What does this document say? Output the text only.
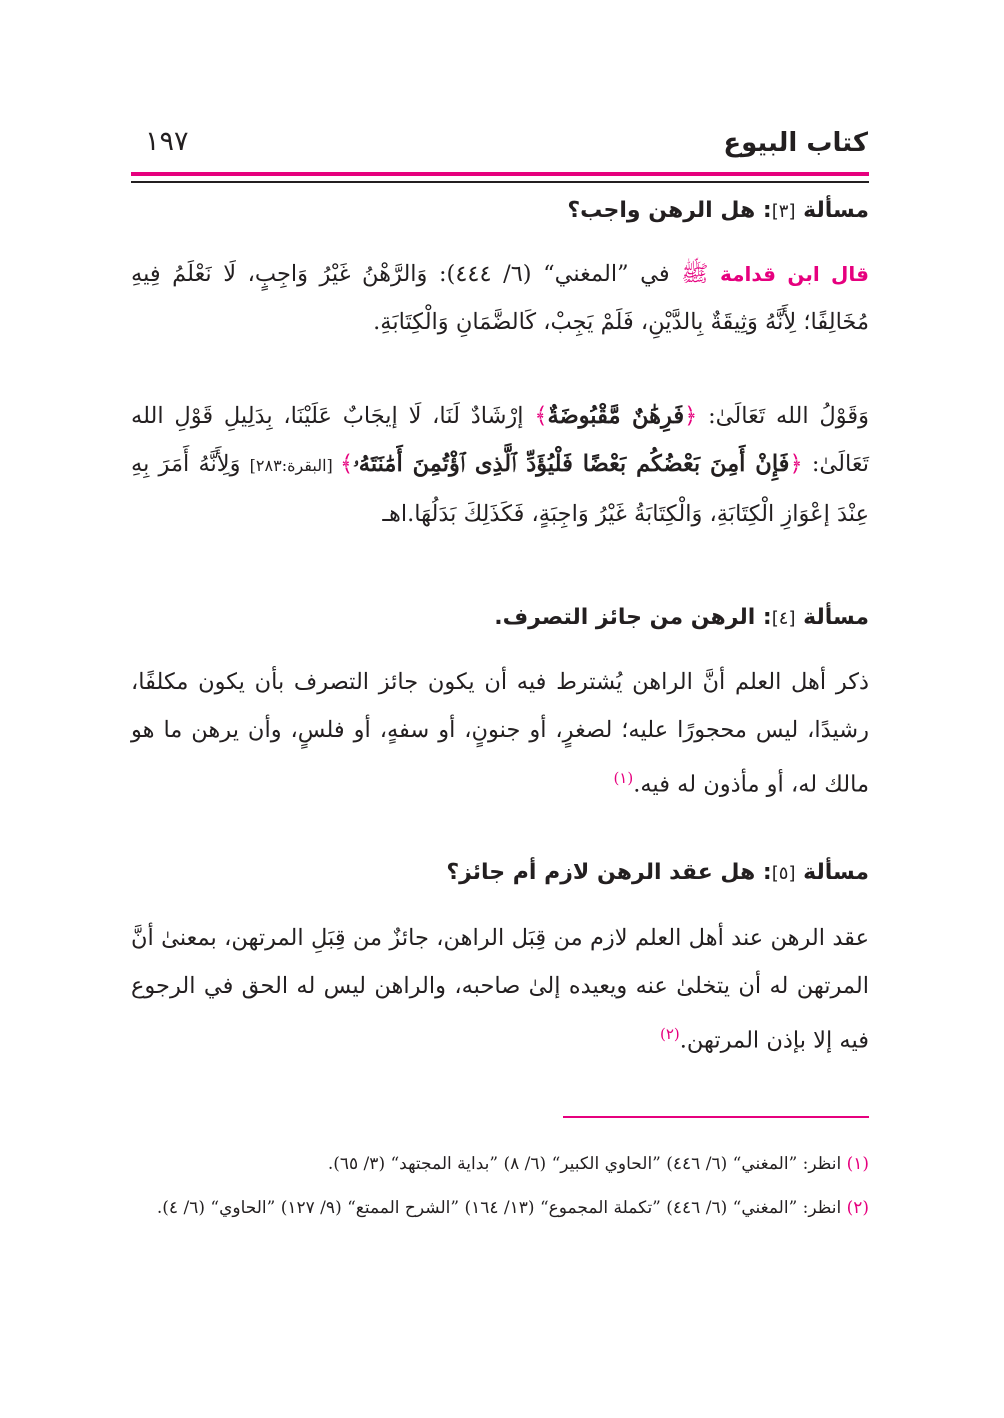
كتاب البيوع
١٩٧
مسألة [٣]: هل الرهن واجب؟
قال ابن قدامة ﷺ في ”المغني“ (٦/ ٤٤٤): وَالرَّهْنُ غَيْرُ وَاجِبٍ، لَا نَعْلَمُ فِيهِ مُخَالِفًا؛ لِأَنَّهُ وَثِيقَةٌ بِالدَّيْنِ، فَلَمْ يَجِبْ، كَالضَّمَانِ وَالْكِتَابَةِ.
وَقَوْلُ الله تَعَالَىٰ: ﴿فَرِهَٰنٌ مَّقْبُوضَةٌ﴾ إرْشَادٌ لَنَا، لَا إيجَابٌ عَلَيْنَا، بِدَلِيلِ قَوْلِ الله تَعَالَىٰ: ﴿فَإِنْ أَمِنَ بَعْضُكُم بَعْضًا فَلْيُؤَدِّ ٱلَّذِى ٱؤْتُمِنَ أَمَٰنَتَهُۥ﴾ [البقرة:٢٨٣] وَلِأَنَّهُ أَمَرَ بِهِ عِنْدَ إعْوَازِ الْكِتَابَةِ، وَالْكِتَابَةُ غَيْرُ وَاجِبَةٍ، فَكَذَلِكَ بَدَلُهَا.اهـ
مسألة [٤]: الرهن من جائز التصرف.
ذكر أهل العلم أنَّ الراهن يُشترط فيه أن يكون جائز التصرف بأن يكون مكلفًا، رشيدًا، ليس محجورًا عليه؛ لصغرٍ، أو جنونٍ، أو سفهٍ، أو فلسٍ، وأن يرهن ما هو مالك له، أو مأذون له فيه.$^{(١)}$
مسألة [٥]: هل عقد الرهن لازم أم جائز؟
عقد الرهن عند أهل العلم لازم من قِبَل الراهن، جائزٌ من قِبَلِ المرتهن، بمعنىٰ أنَّ المرتهن له أن يتخلىٰ عنه ويعيده إلىٰ صاحبه، والراهن ليس له الحق في الرجوع فيه إلا بإذن المرتهن.$^{(٢)}$
(١) انظر: ”المغني“ (٦/ ٤٤٦) ”الحاوي الكبير“ (٦/ ٨) ”بداية المجتهد“ (٣/ ٦٥).
(٢) انظر: ”المغني“ (٦/ ٤٤٦) ”تكملة المجموع“ (١٣/ ١٦٤) ”الشرح الممتع“ (٩/ ١٢٧) ”الحاوي“ (٦/ ٤).
